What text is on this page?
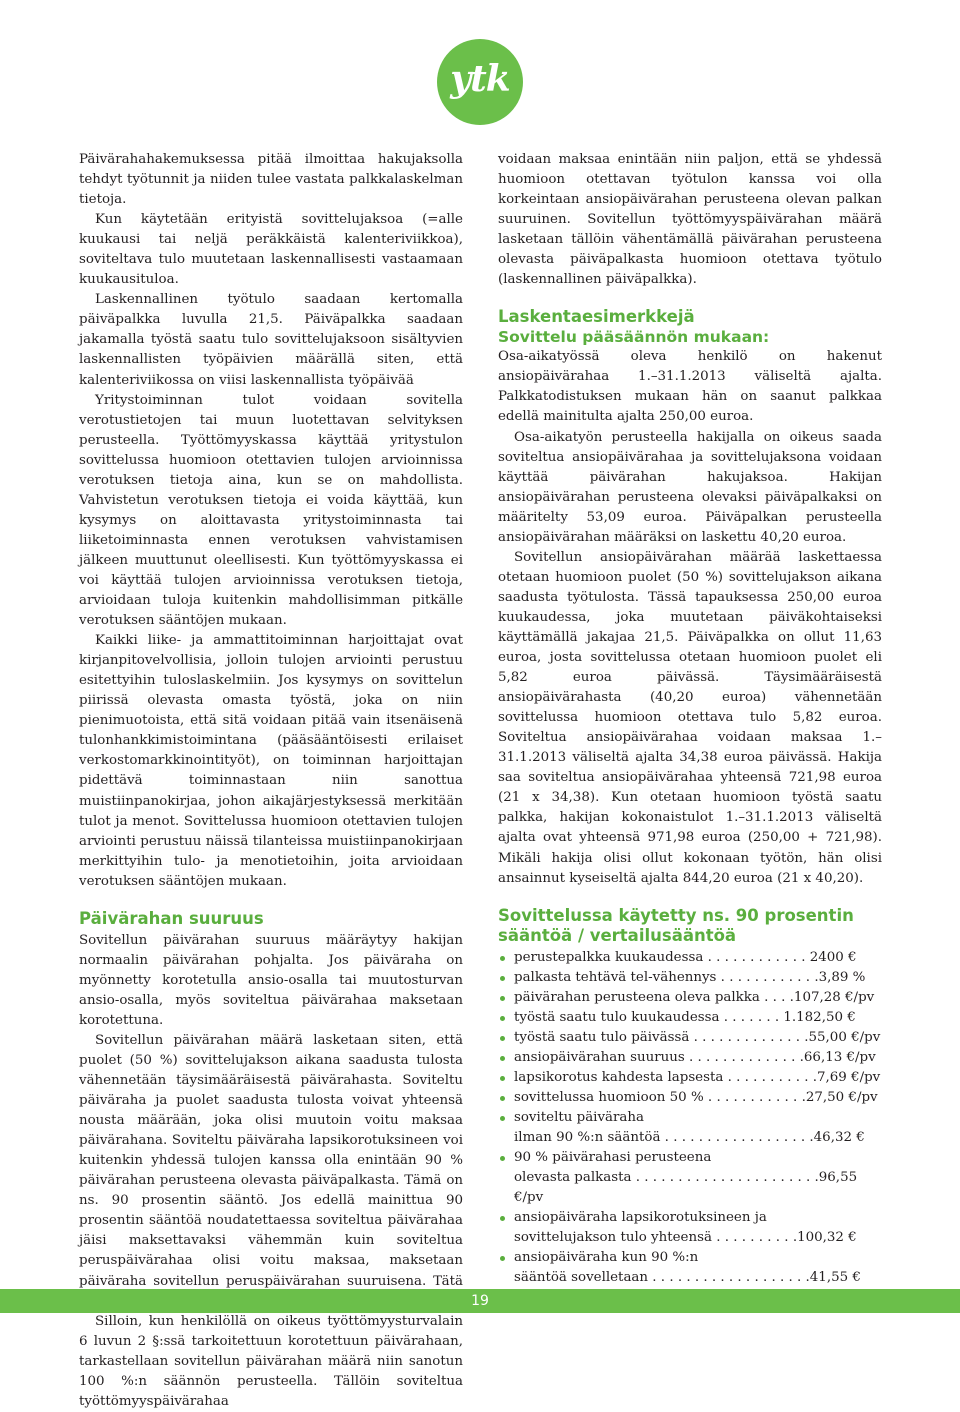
ytk

Päivärahahakemuksessa pitää ilmoittaa hakujaksolla tehdyt työtunnit ja niiden tulee vastata palkkalaskelman tietoja.

Kun käytetään erityistä sovittelujaksoa (=alle kuukausi tai neljä peräkkäistä kalenteriviikkoa), soviteltava tulo muutetaan laskennallisesti vastaamaan kuukausituloa.

Laskennallinen työtulo saadaan kertomalla päiväpalkka luvulla 21,5. Päiväpalkka saadaan jakamalla työstä saatu tulo sovittelujaksoon sisältyvien laskennallisten työpäivien määrällä siten, että kalenteriviikossa on viisi laskennallista työpäivää

Yritystoiminnan tulot voidaan sovitella verotustietojen tai muun luotettavan selvityksen perusteella. Työttömyyskassa käyttää yritystulon sovittelussa huomioon otettavien tulojen arvioinnissa verotuksen tietoja aina, kun se on mahdollista. Vahvistetun verotuksen tietoja ei voida käyttää, kun kysymys on aloittavasta yritystoiminnasta tai liiketoiminnasta ennen verotuksen vahvistamisen jälkeen muuttunut oleellisesti. Kun työttömyyskassa ei voi käyttää tulojen arvioinnissa verotuksen tietoja, arvioidaan tuloja kuitenkin mahdollisimman pitkälle verotuksen sääntöjen mukaan.

Kaikki liike- ja ammattitoiminnan harjoittajat ovat kirjanpitovelvollisia, jolloin tulojen arviointi perustuu esitettyihin tuloslaskelmiin. Jos kysymys on sovittelun piirissä olevasta omasta työstä, joka on niin pienimuotoista, että sitä voidaan pitää vain itsenäisenä tulonhankkimistoimintana (pääsääntöisesti erilaiset verkostomarkkinointityöt), on toiminnan harjoittajan pidettävä toiminnastaan niin sanottua muistiinpanokirjaa, johon aikajärjestyksessä merkitään tulot ja menot. Sovittelussa huomioon otettavien tulojen arviointi perustuu näissä tilanteissa muistiinpanokirjaan merkittyihin tulo- ja menotietoihin, joita arvioidaan verotuksen sääntöjen mukaan.

Päivärahan suuruus

Sovitellun päivärahan suuruus määräytyy hakijan normaalin päivärahan pohjalta. Jos päiväraha on myönnetty korotetulla ansio-osalla tai muutosturvan ansio-osalla, myös soviteltua päivärahaa maksetaan korotettuna.

Sovitellun päivärahan määrä lasketaan siten, että puolet (50 %) sovittelujakson aikana saadusta tulosta vähennetään täysimääräisestä päivärahasta. Soviteltu päiväraha ja puolet saadusta tulosta voivat yhteensä nousta määrään, joka olisi muutoin voitu maksaa päivärahana. Soviteltu päiväraha lapsikorotuksineen voi kuitenkin yhdessä tulojen kanssa olla enintään 90 % päivärahan perusteena olevasta päiväpalkasta. Tämä on ns. 90 prosentin sääntö. Jos edellä mainittua 90 prosentin sääntöä noudatettaessa soviteltua päivärahaa jäisi maksettavaksi vähemmän kuin soviteltua peruspäivärahaa olisi voitu maksaa, maksetaan päiväraha sovitellun peruspäivärahan suuruisena. Tätä

Silloin, kun henkilöllä on oikeus työttömyysturvalain 6 luvun 2 §:ssä tarkoitettuun korotettuun päivärahaan, tarkastellaan sovitellun päivärahan määrä niin sanotun 100 %:n säännön perusteella. Tällöin soviteltua työttömyyspäivärahaa

voidaan maksaa enintään niin paljon, että se yhdessä huomioon otettavan työtulon kanssa voi olla korkeintaan ansiopäivärahan perusteena olevan palkan suuruinen. Sovitellun työttömyyspäivärahan määrä lasketaan tällöin vähentämällä päivärahan perusteena olevasta päiväpalkasta huomioon otettava työtulo (laskennallinen päiväpalkka).

Laskentaesimerkkejä
Sovittelu pääsäännön mukaan:

Osa-aikatyössä oleva henkilö on hakenut ansiopäivärahaa 1.–31.1.2013 väliseltä ajalta. Palkkatodistuksen mukaan hän on saanut palkkaa edellä mainitulta ajalta 250,00 euroa.

Osa-aikatyön perusteella hakijalla on oikeus saada soviteltua ansiopäivärahaa ja sovittelujaksona voidaan käyttää päivärahan hakujaksoa. Hakijan ansiopäivärahan perusteena olevaksi päiväpalkaksi on määritelty 53,09 euroa. Päiväpalkan perusteella ansiopäivärahan määräksi on laskettu 40,20 euroa.

Sovitellun ansiopäivärahan määrää laskettaessa otetaan huomioon puolet (50 %) sovittelujakson aikana saadusta työtulosta. Tässä tapauksessa 250,00 euroa kuukaudessa, joka muutetaan päiväkohtaiseksi käyttämällä jakajaa 21,5. Päiväpalkka on ollut 11,63 euroa, josta sovittelussa otetaan huomioon puolet eli 5,82 euroa päivässä. Täysimääräisestä ansiopäivärahasta (40,20 euroa) vähennetään sovittelussa huomioon otettava tulo 5,82 euroa. Soviteltua ansiopäivärahaa voidaan maksaa 1.– 31.1.2013 väliseltä ajalta 34,38 euroa päivässä. Hakija saa soviteltua ansiopäivärahaa yhteensä 721,98 euroa (21 x 34,38). Kun otetaan huomioon työstä saatu palkka, hakijan kokonaistulot 1.–31.1.2013 väliseltä ajalta ovat yhteensä 971,98 euroa (250,00 + 721,98). Mikäli hakija olisi ollut kokonaan työtön, hän olisi ansainnut kyseiseltä ajalta 844,20 euroa (21 x 40,20).

Sovittelussa käytetty ns. 90 prosentin sääntöä / vertailusääntöä
perustepalkka kuukaudessa . . . . . . . . . . . . 2400 €
palkasta tehtävä tel-vähennys . . . . . . . . . . . .3,89 %
päivärahan perusteena oleva palkka . . . .107,28 €/pv
työstä saatu tulo kuukaudessa . . . . . . . 1.182,50 €
työstä saatu tulo päivässä . . . . . . . . . . . . . .55,00 €/pv
ansiopäivärahan suuruus . . . . . . . . . . . . . .66,13 €/pv
lapsikorotus kahdesta lapsesta . . . . . . . . . . .7,69 €/pv
sovittelussa huomioon 50 % . . . . . . . . . . . .27,50 €/pv
soviteltu päiväraha
ilman 90 %:n sääntöä . . . . . . . . . . . . . . . . . .46,32 €
90 % päivärahasi perusteena
olevasta palkasta . . . . . . . . . . . . . . . . . . . . . .96,55 €/pv
ansiopäiväraha lapsikorotuksineen ja
sovittelujakson tulo yhteensä . . . . . . . . . .100,32 €
ansiopäiväraha kun 90 %:n
sääntöä sovelletaan . . . . . . . . . . . . . . . . . . .41,55 €
19
